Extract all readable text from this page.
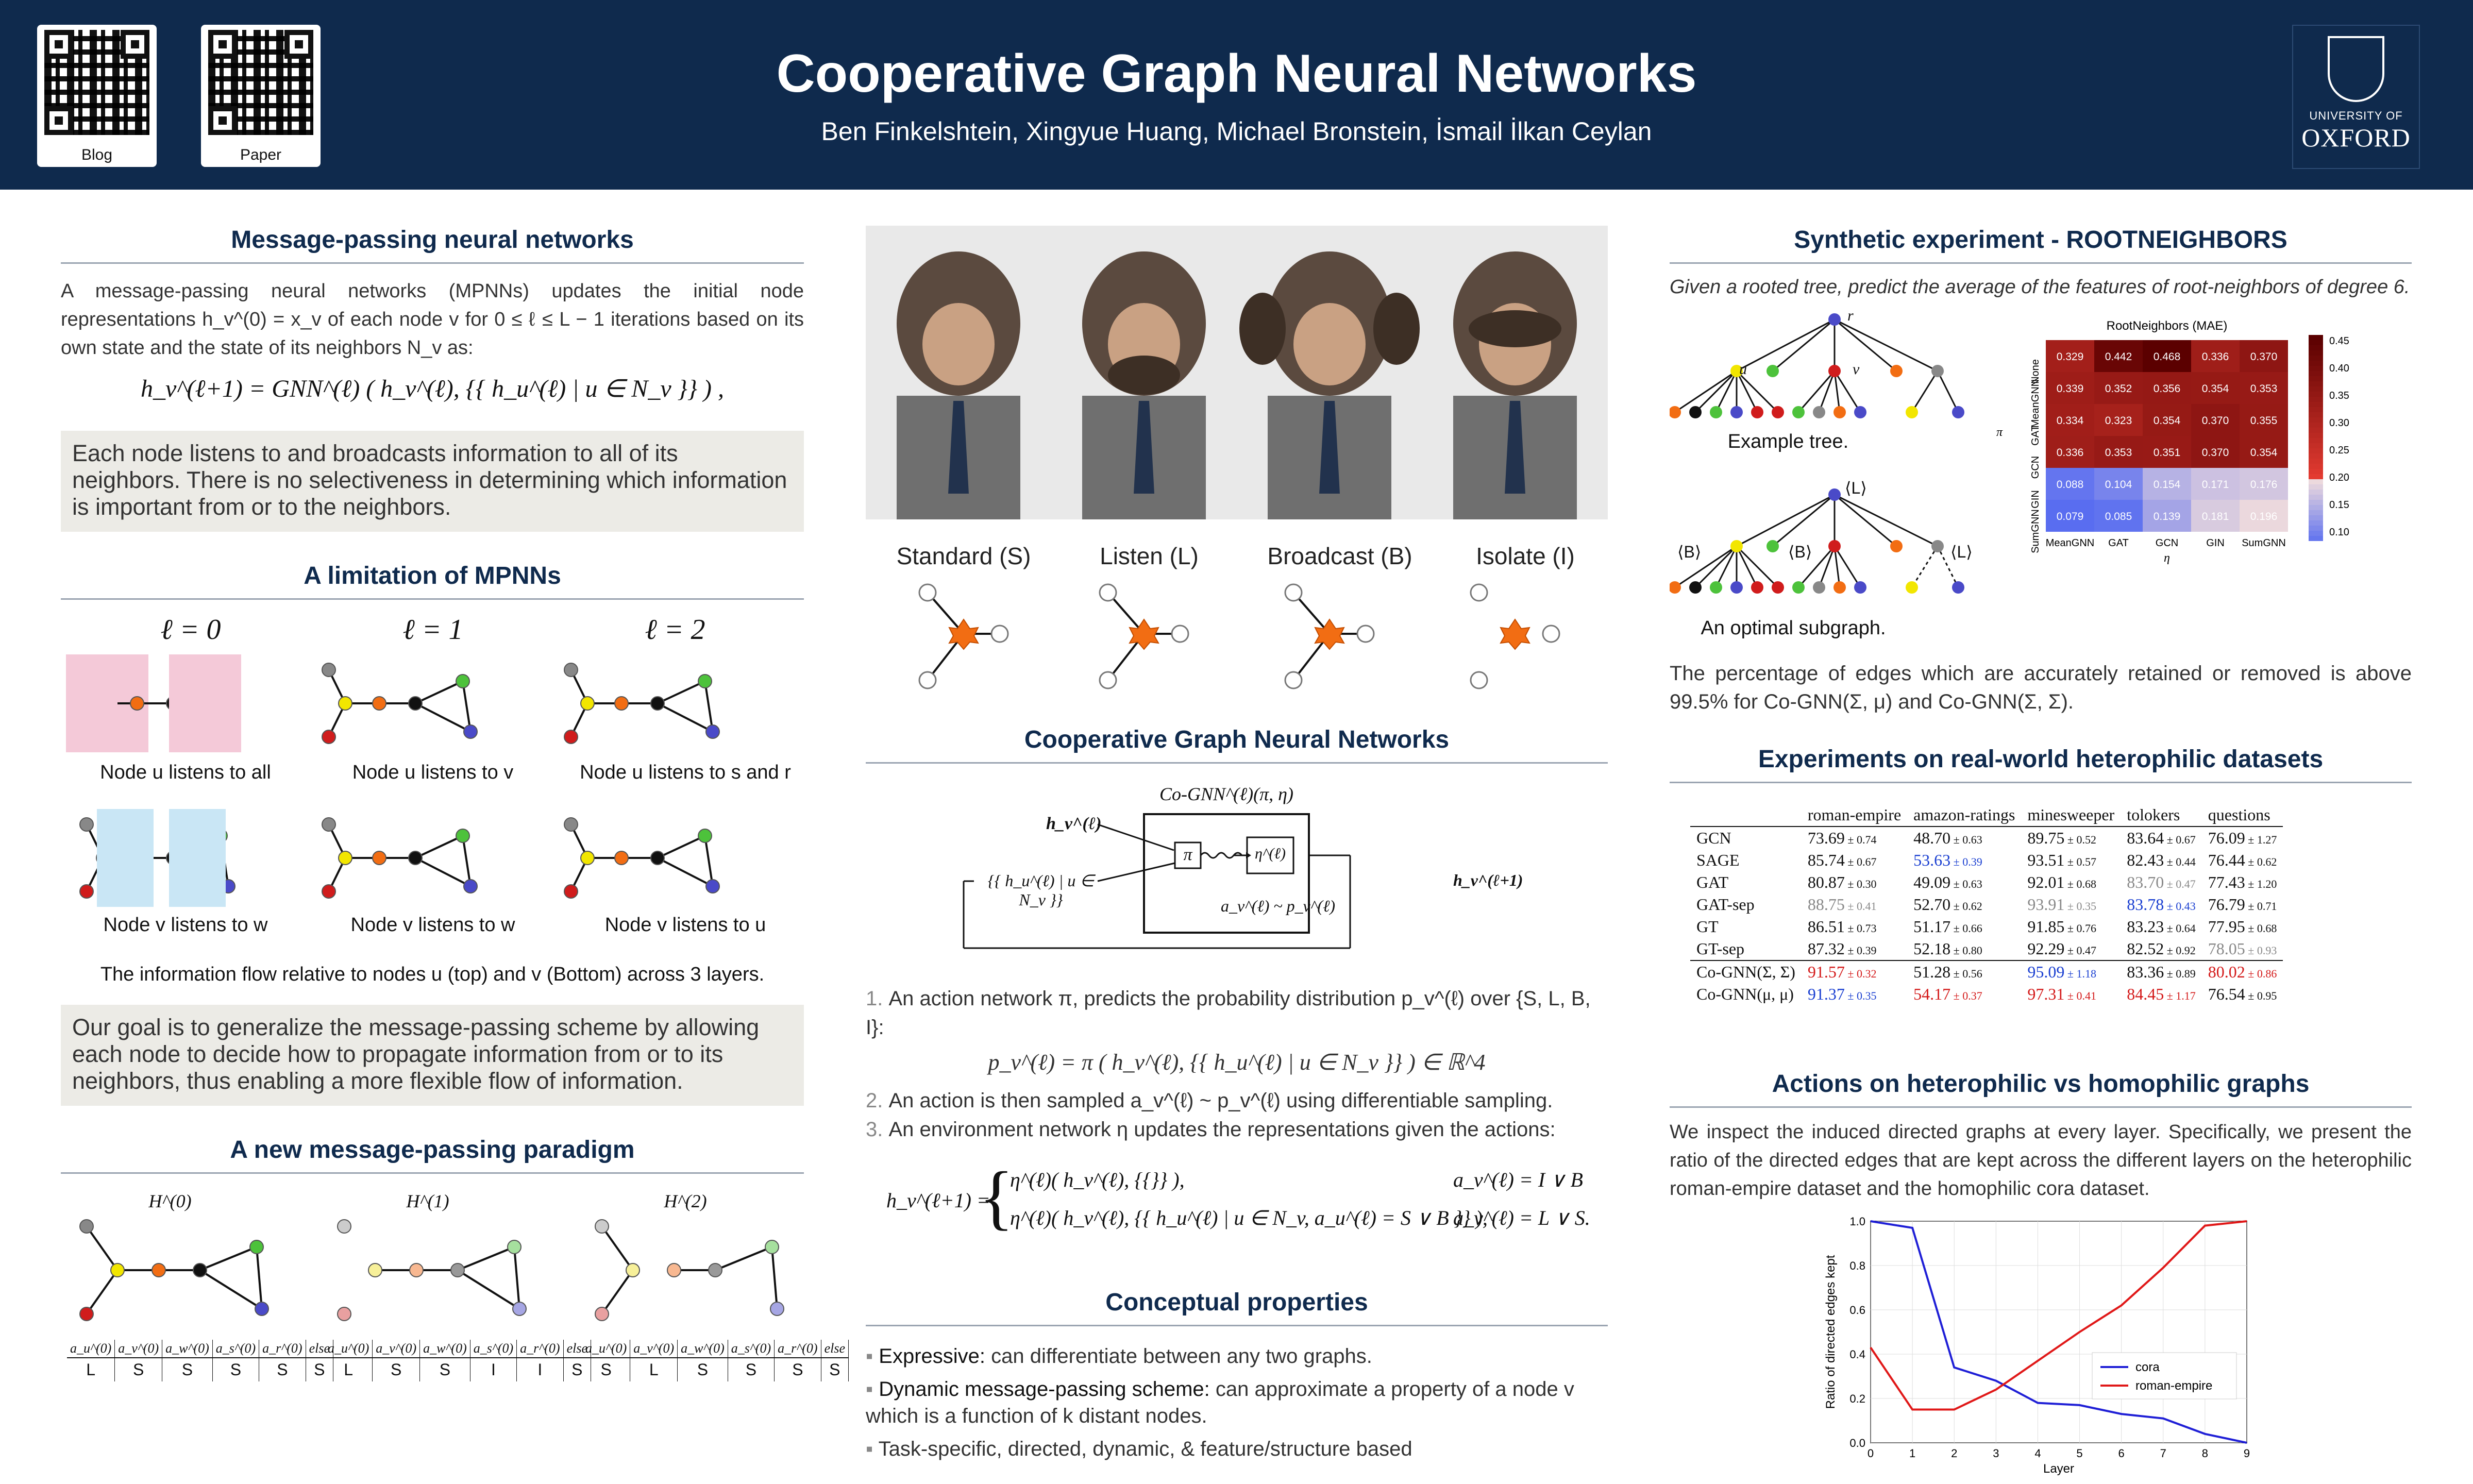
Blog	Paper
Cooperative Graph Neural Networks
Ben Finkelshtein, Xingyue Huang, Michael Bronstein, İsmail İlkan Ceylan
UNIVERSITY OF
OXFORD
Message-passing neural networks
A message-passing neural networks (MPNNs) updates the initial node representations h_v^(0) = x_v of each node v for 0 ≤ ℓ ≤ L − 1 iterations based on its own state and the state of its neighbors N_v as:
h_v^(ℓ+1) = GNN^(ℓ) ( h_v^(ℓ), {{ h_u^(ℓ) | u ∈ N_v }} ) ,
Each node listens to and broadcasts information to all of its neighbors. There is no selectiveness in determining which information is important from or to the neighbors.
A limitation of MPNNs
ℓ = 0	ℓ = 1	ℓ = 2
Node u listens to all	Node u listens to v	Node u listens to s and r
Node v listens to w	Node v listens to w	Node v listens to u
The information flow relative to nodes u (top) and v (Bottom) across 3 layers.
Our goal is to generalize the message-passing scheme by allowing each node to decide how to propagate information from or to its neighbors, thus enabling a more flexible flow of information.
A new message-passing paradigm
H^(0)	H^(1)	H^(2)
a_u^(0)	a_v^(0)	a_w^(0)	a_s^(0)	a_r^(0)	else
L	S	S	S	S	S
a_u^(0)	a_v^(0)	a_w^(0)	a_s^(0)	a_r^(0)	else
L	S	S	I	I	S
a_u^(0)	a_v^(0)	a_w^(0)	a_s^(0)	a_r^(0)	else
S	L	S	S	S	S
Standard (S)	Listen (L)	Broadcast (B)	Isolate (I)
Cooperative Graph Neural Networks
Co-GNN^(ℓ)(π, η)
h_v^(ℓ)
{{ h_u^(ℓ) | u ∈ N_v }}
π	η^(ℓ)
a_v^(ℓ) ~ p_v^(ℓ)
h_v^(ℓ+1)
1. An action network π, predicts the probability distribution p_v^(ℓ) over {S, L, B, I}:
p_v^(ℓ) = π ( h_v^(ℓ), {{ h_u^(ℓ) | u ∈ N_v }} ) ∈ ℝ^4
2. An action is then sampled a_v^(ℓ) ~ p_v^(ℓ) using differentiable sampling.
3. An environment network η updates the representations given the actions:
h_v^(ℓ+1) =
{
η^(ℓ)( h_v^(ℓ), {{}} ),	a_v^(ℓ) = I ∨ B
η^(ℓ)( h_v^(ℓ), {{ h_u^(ℓ) | u ∈ N_v, a_u^(ℓ) = S ∨ B }} ),
a_v^(ℓ) = L ∨ S.
Conceptual properties
▪ Expressive: can differentiate between any two graphs.
▪ Dynamic message-passing scheme: can approximate a property of a node v which is a function of k distant nodes.
▪ Task-specific, directed, dynamic, & feature/structure based
Synthetic experiment - ROOTNEIGHBORS
Given a rooted tree, predict the average of the features of root-neighbors of degree 6.
Example tree.
An optimal subgraph.
r
u	v
⟨L⟩
⟨B⟩	⟨B⟩	⟨L⟩
RootNeighbors (MAE)
0.329 0.442 0.468 0.336 0.370
0.339 0.352 0.356 0.354 0.353
0.334 0.323 0.354 0.370 0.355
0.336 0.353 0.351 0.370 0.354
0.088 0.104 0.154 0.171 0.176
0.079 0.085 0.139 0.181 0.196
MeanGNN GAT	GCN	GIN SumGNN
None
MeanGNN
GAT
GCN
GIN
SumGNN
η
π
0.45
0.40
0.35
0.30
0.25
0.20
0.15
0.10
The percentage of edges which are accurately retained or removed is above 99.5% for Co-GNN(Σ, μ) and Co-GNN(Σ, Σ).
Experiments on real-world heterophilic datasets
	roman-empire	amazon-ratings	minesweeper	tolokers	questions
GCN	73.69 ± 0.74	48.70 ± 0.63	89.75 ± 0.52	83.64 ± 0.67	76.09 ± 1.27
SAGE	85.74 ± 0.67	53.63 ± 0.39	93.51 ± 0.57	82.43 ± 0.44	76.44 ± 0.62
GAT	80.87 ± 0.30	49.09 ± 0.63	92.01 ± 0.68	83.70 ± 0.47	77.43 ± 1.20
GAT-sep	88.75 ± 0.41	52.70 ± 0.62	93.91 ± 0.35	83.78 ± 0.43	76.79 ± 0.71
GT	86.51 ± 0.73	51.17 ± 0.66	91.85 ± 0.76	83.23 ± 0.64	77.95 ± 0.68
GT-sep	87.32 ± 0.39	52.18 ± 0.80	92.29 ± 0.47	82.52 ± 0.92	78.05 ± 0.93
Co-GNN(Σ, Σ)	91.57 ± 0.32	51.28 ± 0.56	95.09 ± 1.18	83.36 ± 0.89	80.02 ± 0.86
Co-GNN(μ, μ)	91.37 ± 0.35	54.17 ± 0.37	97.31 ± 0.41	84.45 ± 1.17	76.54 ± 0.95
Actions on heterophilic vs homophilic graphs
We inspect the induced directed graphs at every layer. Specifically, we present the ratio of the directed edges that are kept across the different layers on the heterophilic roman-empire dataset and the homophilic cora dataset.
0	1	2	3	4	5	6	7	8	9
0.0
0.2
0.4
0.6
0.8
1.0
Layer
Ratio of directed edges kept	cora
roman-empire
